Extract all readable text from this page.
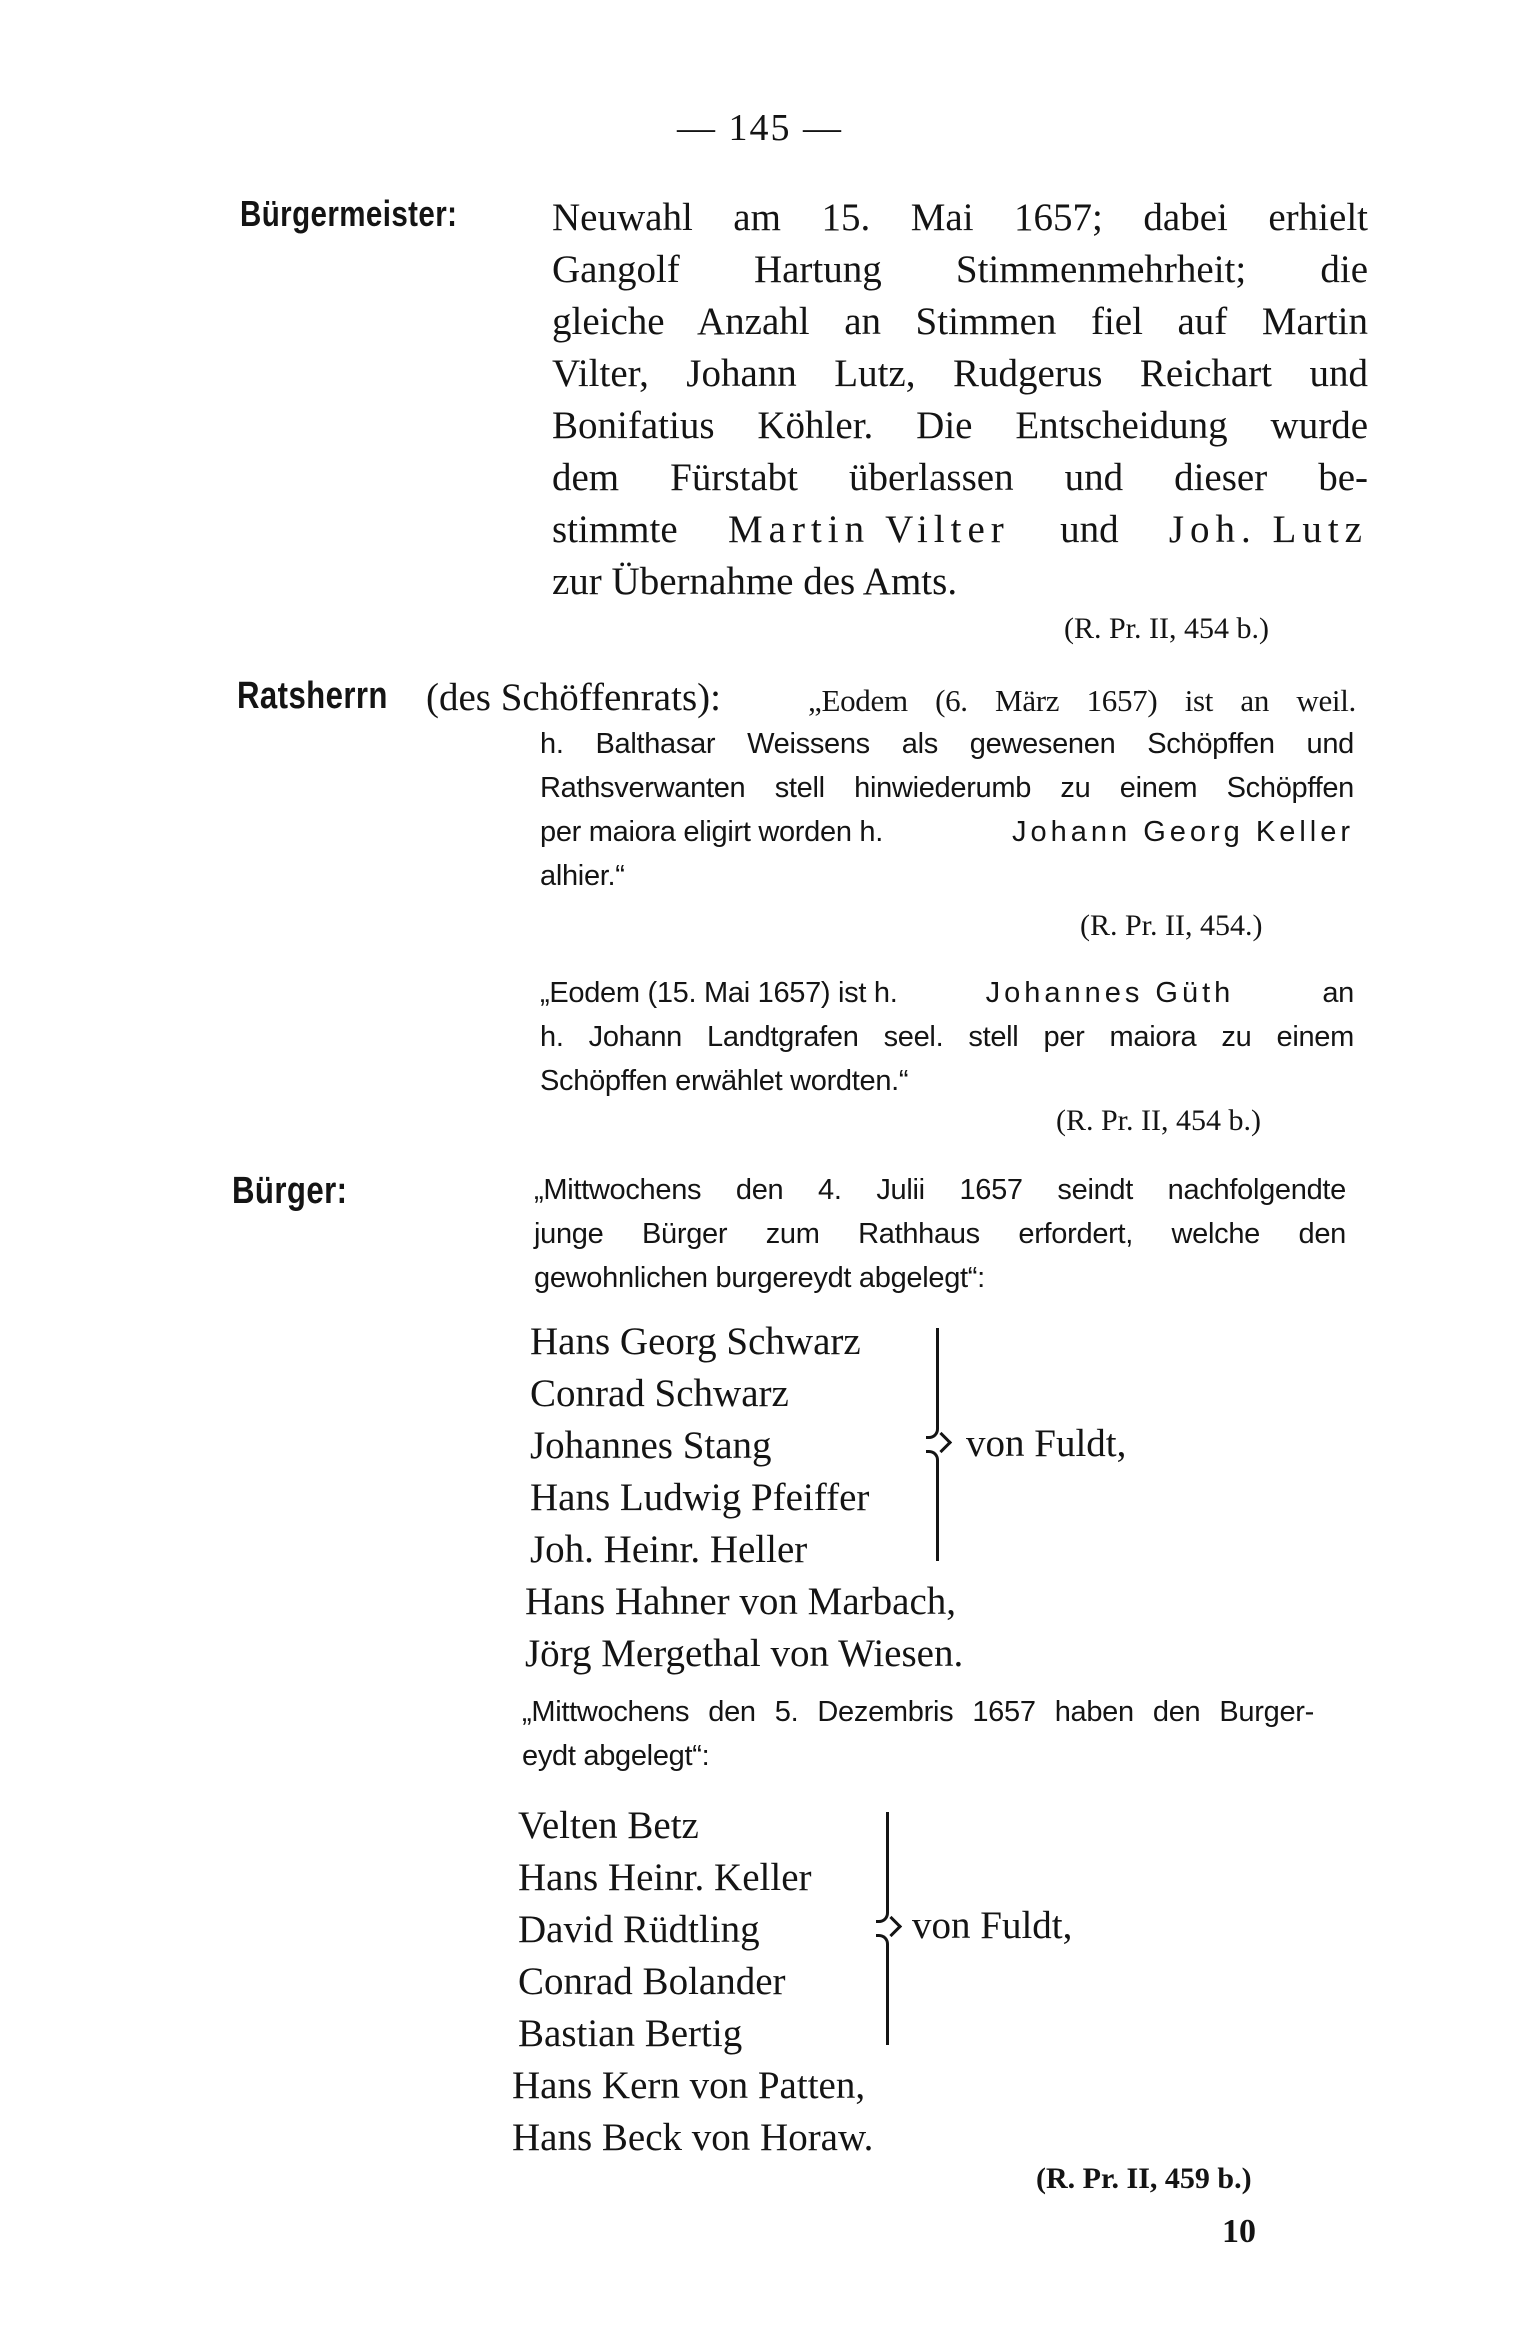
— 145 —
Bürgermeister: Neuwahl am 15. Mai 1657; dabei erhielt
Gangolf Hartung Stimmenmehrheit; die
gleiche Anzahl an Stimmen fiel auf Martin
Vilter, Johann Lutz, Rudgerus Reichart und
Bonifatius Köhler. Die Entscheidung wurde
dem Fürstabt überlassen und dieser be-
stimmte Martin Vilter und Joh. Lutz
zur Übernahme des Amts.
(R. Pr. II, 454 b.)
Ratsherrn (des Schöffenrats):	„Eodem (6. März 1657) ist an weil.
h. Balthasar Weissens als gewesenen Schöpffen und
Rathsverwanten stell hinwiederumb zu einem Schöpffen
per maiora eligirt worden h.	Johann Georg Keller
alhier.“
(R. Pr. II, 454.)
„Eodem (15. Mai 1657) ist h.	Johannes Güth	an
h. Johann Landtgrafen seel. stell per maiora zu einem
Schöpffen erwählet wordten.“
(R. Pr. II, 454 b.)
Bürger:	„Mittwochens den 4. Julii 1657 seindt nachfolgendte
junge Bürger zum Rathhaus erfordert, welche den
gewohnlichen burgereydt abgelegt“:
Hans Georg Schwarz
Conrad Schwarz
Johannes Stang
Hans Ludwig Pfeiffer
Joh. Heinr. Heller
von Fuldt,
Hans Hahner von Marbach,
Jörg Mergethal von Wiesen.
„Mittwochens den 5. Dezembris 1657 haben den Burger-
eydt abgelegt“:
Velten Betz
Hans Heinr. Keller
David Rüdtling
Conrad Bolander
Bastian Bertig
von Fuldt,
Hans Kern von Patten,
Hans Beck von Horaw.
(R. Pr. II, 459 b.)
10
